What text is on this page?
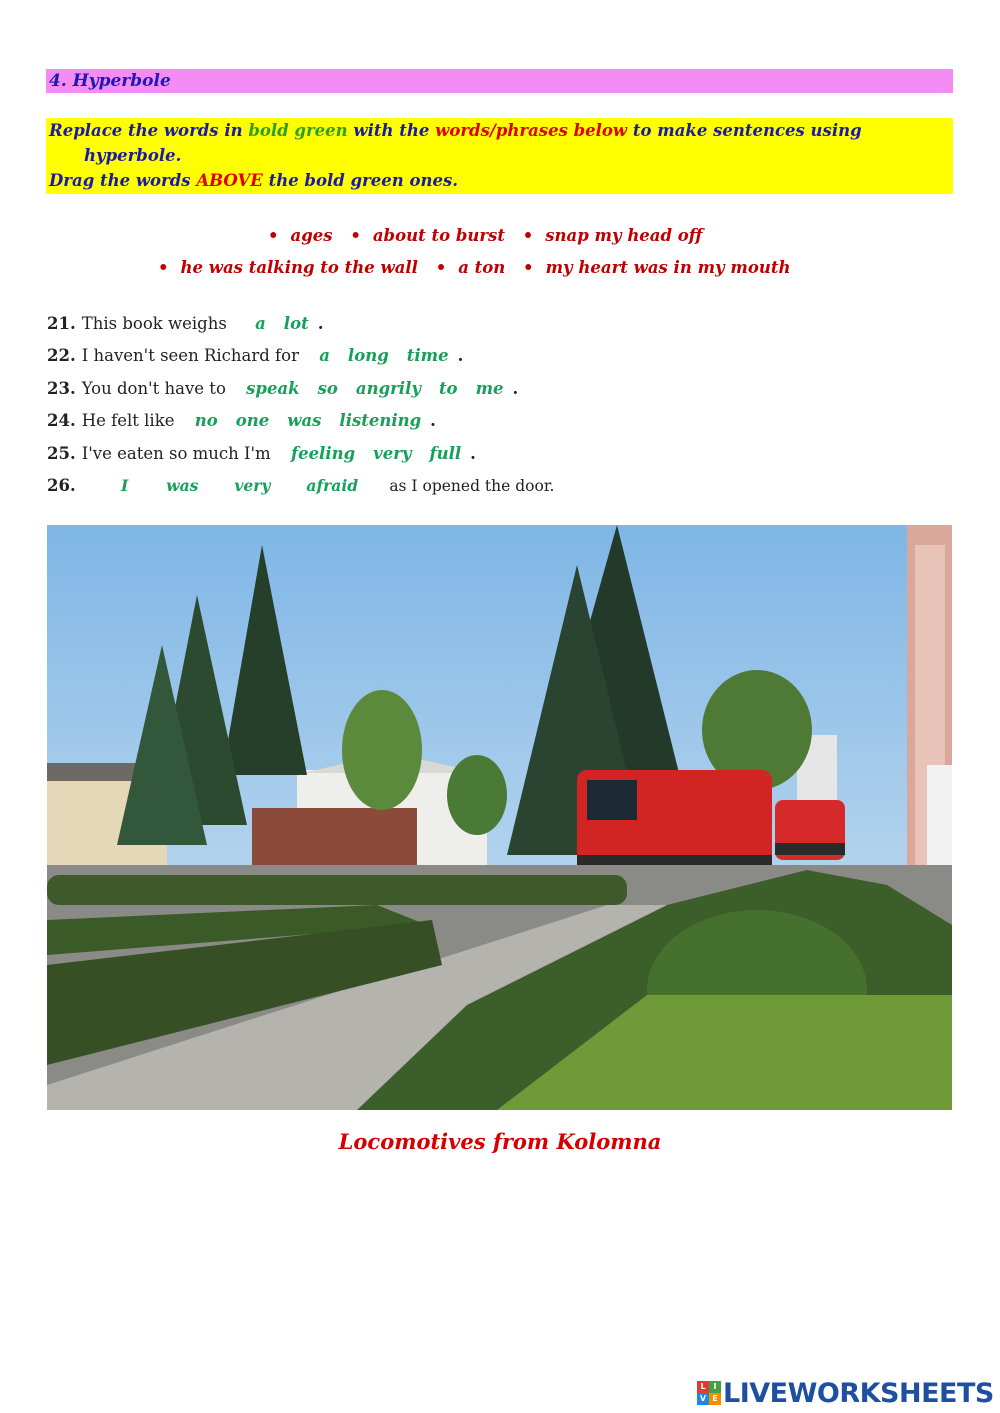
4. Hyperbole
Replace the words in bold green with the words/phrases below to make sentences using
hyperbole.
Drag the words ABOVE the bold green ones.
• ages • about to burst • snap my head off
• he was talking to the wall • a ton • my heart was in my mouth
21. This book weighs a lot .
22. I haven't seen Richard for a long time .
23. You don't have to speak so angrily to me .
24. He felt like no one was listening .
25. I've eaten so much I'm feeling very full .
26.	I was very afraid as I opened the door.
Locomotives from Kolomna
L I
V E LIVEWORKSHEETS
